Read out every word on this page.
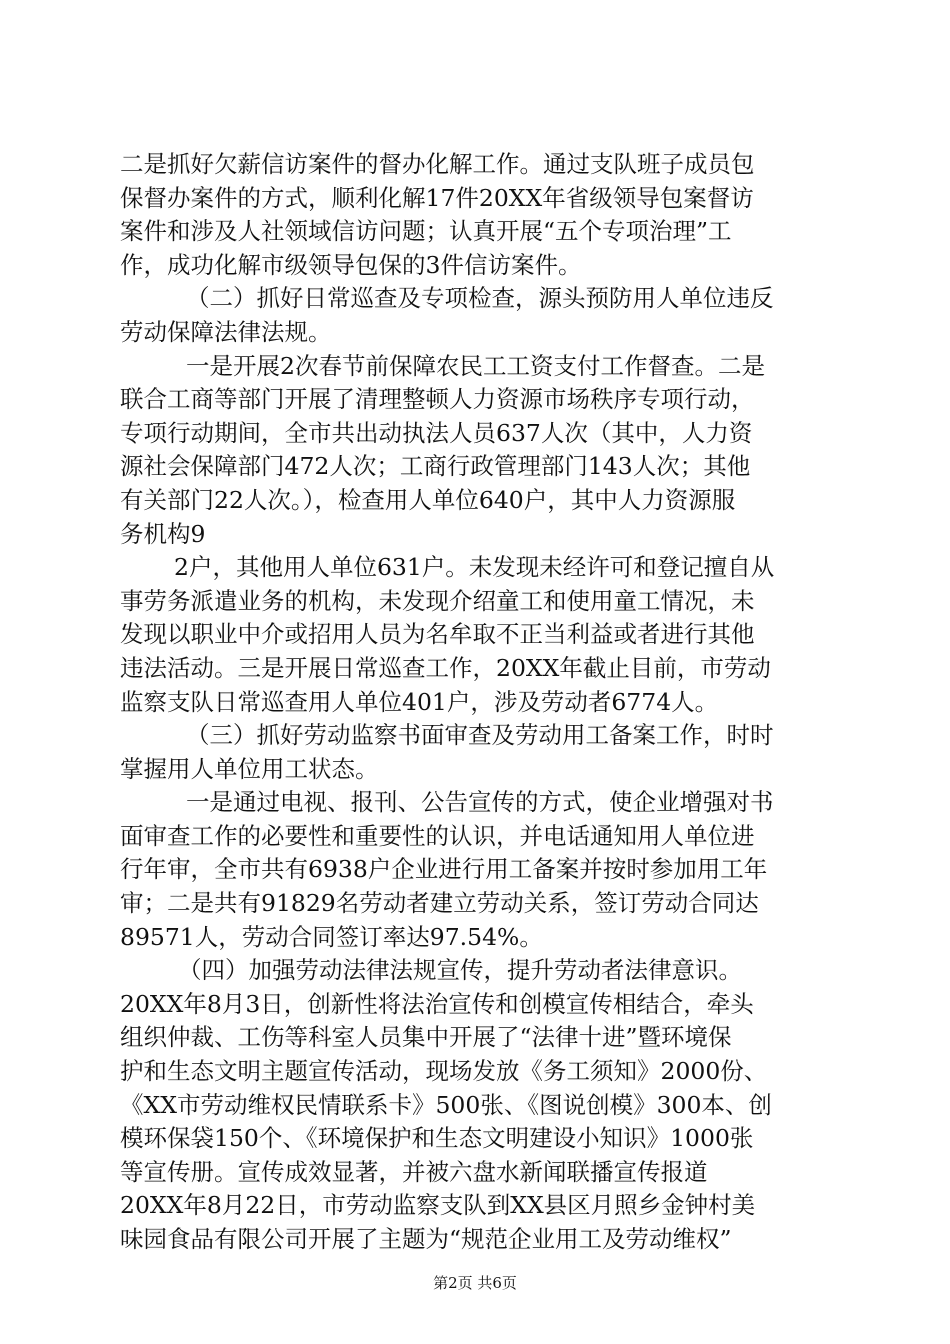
二是抓好欠薪信访案件的督办化解工作。通过支队班子成员包
保督办案件的方式，顺利化解17件20XX年省级领导包案督访
案件和涉及人社领域信访问题；认真开展“五个专项治理”工
作，成功化解市级领导包保的3件信访案件。
（二）抓好日常巡查及专项检查，源头预防用人单位违反
劳动保障法律法规。
一是开展2次春节前保障农民工工资支付工作督查。二是
联合工商等部门开展了清理整顿人力资源市场秩序专项行动，
专项行动期间，全市共出动执法人员637人次（其中，人力资
源社会保障部门472人次；工商行政管理部门143人次；其他
有关部门22人次。），检查用人单位640户，其中人力资源服
务机构9
2户，其他用人单位631户。未发现未经许可和登记擅自从
事劳务派遣业务的机构，未发现介绍童工和使用童工情况，未
发现以职业中介或招用人员为名牟取不正当利益或者进行其他
违法活动。三是开展日常巡查工作，20XX年截止目前，市劳动
监察支队日常巡查用人单位401户，涉及劳动者6774人。
（三）抓好劳动监察书面审查及劳动用工备案工作，时时
掌握用人单位用工状态。
一是通过电视、报刊、公告宣传的方式，使企业增强对书
面审查工作的必要性和重要性的认识，并电话通知用人单位进
行年审，全市共有6938户企业进行用工备案并按时参加用工年
审；二是共有91829名劳动者建立劳动关系，签订劳动合同达
89571人，劳动合同签订率达97.54%。
（四）加强劳动法律法规宣传，提升劳动者法律意识。
20XX年8月3日，创新性将法治宣传和创模宣传相结合，牵头
组织仲裁、工伤等科室人员集中开展了“法律十进”暨环境保
护和生态文明主题宣传活动，现场发放《务工须知》2000份、
《XX市劳动维权民情联系卡》500张、《图说创模》300本、创
模环保袋150个、《环境保护和生态文明建设小知识》1000张
等宣传册。宣传成效显著，并被六盘水新闻联播宣传报道
20XX年8月22日，市劳动监察支队到XX县区月照乡金钟村美
味园食品有限公司开展了主题为“规范企业用工及劳动维权”
第2页 共6页
